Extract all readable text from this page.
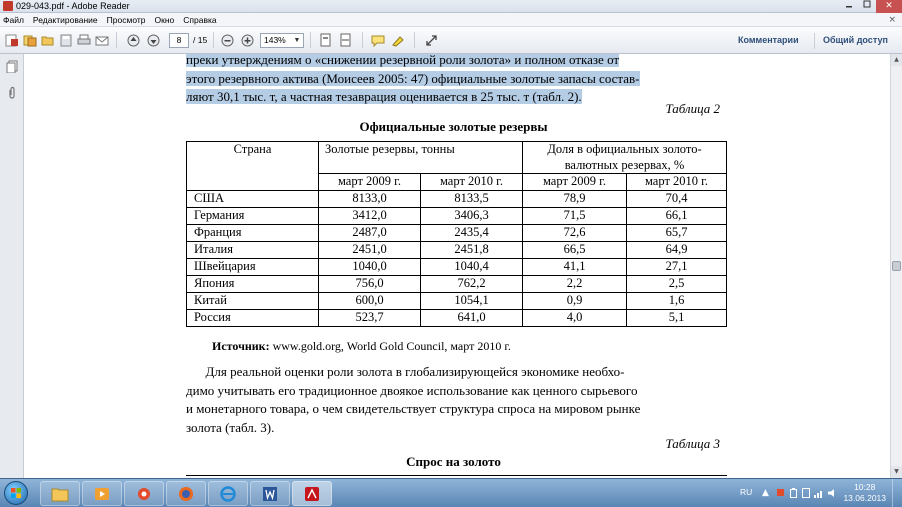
029-043.pdf - Adobe Reader	✕
Файл Редактирование Просмотр Окно Справка	×
8	/ 15	143% ▼	Комментарии	Общий доступ
преки утверждениям о «снижении резервной роли золота» и полном отказе от
этого резервного актива (Моисеев 2005: 47) официальные золотые запасы состав-
ляют 30,1 тыс. т, а частная тезаврация оценивается в 25 тыс. т (табл. 2).
Таблица 2
Официальные золотые резервы
Страна	Золотые резервы, тонны		Доля в официальных золото-
валютных резервах, %	
	март 2009 г.	март 2010 г.	март 2009 г.	март 2010 г.
США	8133,0	8133,5	78,9	70,4
Германия	3412,0	3406,3	71,5	66,1
Франция	2487,0	2435,4	72,6	65,7
Италия	2451,0	2451,8	66,5	64,9
Швейцария	1040,0	1040,4	41,1	27,1
Япония	756,0	762,2	2,2	2,5
Китай	600,0	1054,1	0,9	1,6
Россия	523,7	641,0	4,0	5,1
Источник: www.gold.org, World Gold Council, март 2010 г.
Для реальной оценки роли золота в глобализирующейся экономике необхо-
димо учитывать его традиционное двоякое использование как ценного сырьевого
и монетарного товара, о чем свидетельствует структура спроса на мировом рынке
золота (табл. 3).
Таблица 3
Спрос на золото
▲
▼
RU ▲
10:28
13.06.2013
